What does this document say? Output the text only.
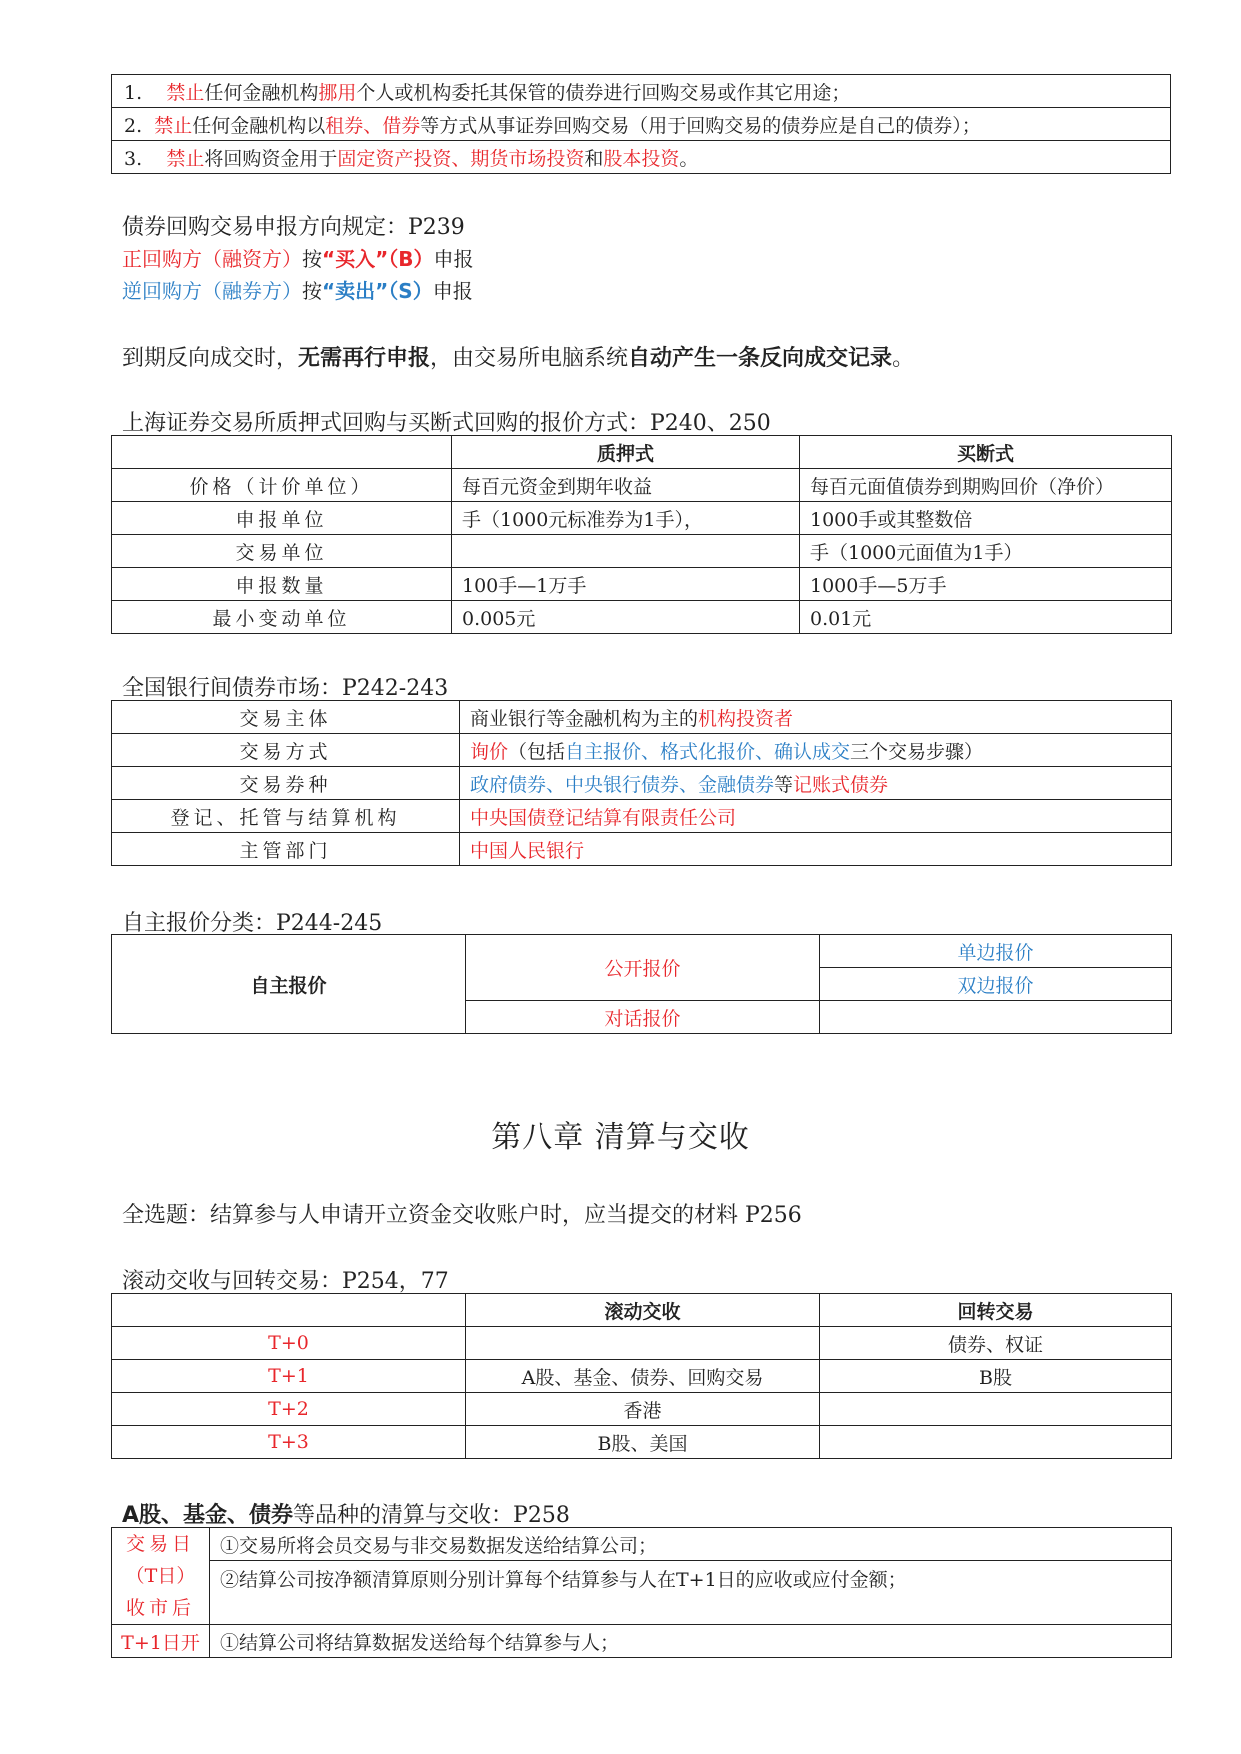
1. 禁止任何金融机构挪用个人或机构委托其保管的债券进行回购交易或作其它用途；
2. 禁止任何金融机构以租券、借券等方式从事证券回购交易（用于回购交易的债券应是自己的债券）；
3. 禁止将回购资金用于固定资产投资、期货市场投资和股本投资。
债券回购交易申报方向规定：P239
正回购方（融资方）按“买入”（B）申报
逆回购方（融券方）按“卖出”（S）申报
到期反向成交时，无需再行申报，由交易所电脑系统自动产生一条反向成交记录。
上海证券交易所质押式回购与买断式回购的报价方式：P240、250
	质押式	买断式
价格（计价单位）	每百元资金到期年收益	每百元面值债券到期购回价（净价）
申报单位	手（1000元标准券为1手），	1000手或其整数倍
交易单位		手（1000元面值为1手）
申报数量	100手—1万手	1000手—5万手
最小变动单位	0.005元	0.01元
全国银行间债券市场：P242-243
交易主体	商业银行等金融机构为主的机构投资者
交易方式	询价（包括自主报价、格式化报价、确认成交三个交易步骤）
交易券种	政府债券、中央银行债券、金融债券等记账式债券
登记、托管与结算机构	中央国债登记结算有限责任公司
主管部门	中国人民银行
自主报价分类：P244-245
自主报价	公开报价	单边报价
		双边报价
	对话报价	

第八章 清算与交收
全选题：结算参与人申请开立资金交收账户时，应当提交的材料 P256
滚动交收与回转交易：P254，77
	滚动交收	回转交易
T+0		债券、权证
T+1	A股、基金、债券、回购交易	B股
T+2	香港	
T+3	B股、美国	
A股、基金、债券等品种的清算与交收：P258
交易日
（T日）
收市后	①交易所将会员交易与非交易数据发送给结算公司；
	②结算公司按净额清算原则分别计算每个结算参与人在T+1日的应收或应付金额；

T+1日开	①结算公司将结算数据发送给每个结算参与人；
